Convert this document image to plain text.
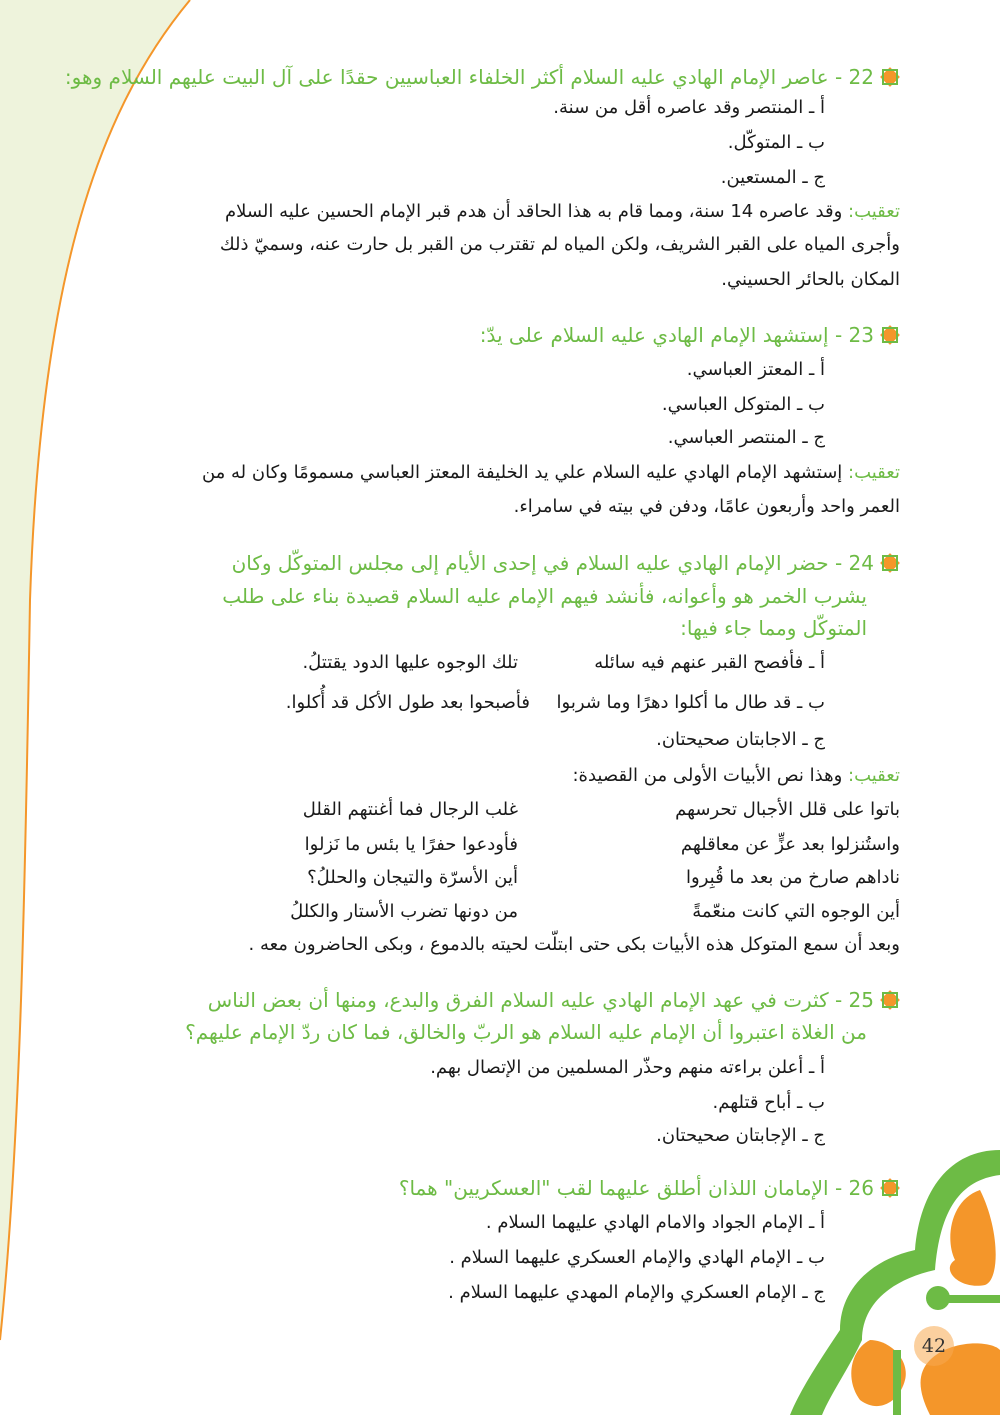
22 - عاصر الإمام الهادي عليه السلام أكثر الخلفاء العباسيين حقدًا على آل البيت عليهم السلام وهو:
أ ـ المنتصر وقد عاصره أقل من سنة.
ب ـ المتوكّل.
ج ـ المستعين.
تعقيب: وقد عاصره 14 سنة، ومما قام به هذا الحاقد أن هدم قبر الإمام الحسين عليه السلام
وأجرى المياه على القبر الشريف، ولكن المياه لم تقترب من القبر بل حارت عنه، وسميّ ذلك
المكان بالحائر الحسيني.
23 - إستشهد الإمام الهادي عليه السلام على يدّ:
أ ـ المعتز العباسي.
ب ـ المتوكل العباسي.
ج ـ المنتصر العباسي.
تعقيب: إستشهد الإمام الهادي عليه السلام علي يد الخليفة المعتز العباسي مسمومًا وكان له من
العمر واحد وأربعون عامًا، ودفن في بيته في سامراء.
24 - حضر الإمام الهادي عليه السلام في إحدى الأيام إلى مجلس المتوكّل وكان
يشرب الخمر هو وأعوانه، فأنشد فيهم الإمام عليه السلام قصيدة بناء على طلب
المتوكّل ومما جاء فيها:
أ ـ فأفصح القبر عنهم فيه سائله
تلك الوجوه عليها الدود يقتتلُ.
ب ـ قد طال ما أكلوا دهرًا وما شربوا
فأصبحوا بعد طول الأكل قد أُكلوا.
ج ـ الاجابتان صحيحتان.
تعقيب: وهذا نص الأبيات الأولى من القصيدة:
باتوا على قلل الأجبال تحرسهم
غلب الرجال فما أغنتهم القلل
واستُنزلوا بعد عزٍّ عن معاقلهم
فأودعوا حفرًا يا بئس ما نَزلوا
ناداهم صارخ من بعد ما قُبِروا
أين الأسرّة والتيجان والحللُ؟
أين الوجوه التي كانت منعّمةً
من دونها تضرب الأستار والكللُ
وبعد أن سمع المتوكل هذه الأبيات بكى حتى ابتلّت لحيته بالدموع ، وبكى الحاضرون معه .
25 - كثرت في عهد الإمام الهادي عليه السلام الفرق والبدع، ومنها أن بعض الناس
من الغلاة اعتبروا أن الإمام عليه السلام هو الربّ والخالق، فما كان ردّ الإمام عليهم؟
أ ـ أعلن براءته منهم وحذّر المسلمين من الإتصال بهم.
ب ـ أباح قتلهم.
ج ـ الإجابتان صحيحتان.
26 - الإمامان اللذان أطلق عليهما لقب "العسكريين" هما؟
أ ـ الإمام الجواد والامام الهادي عليهما السلام .
ب ـ الإمام الهادي والإمام العسكري عليهما السلام .
ج ـ الإمام العسكري والإمام المهدي عليهما السلام .
42
